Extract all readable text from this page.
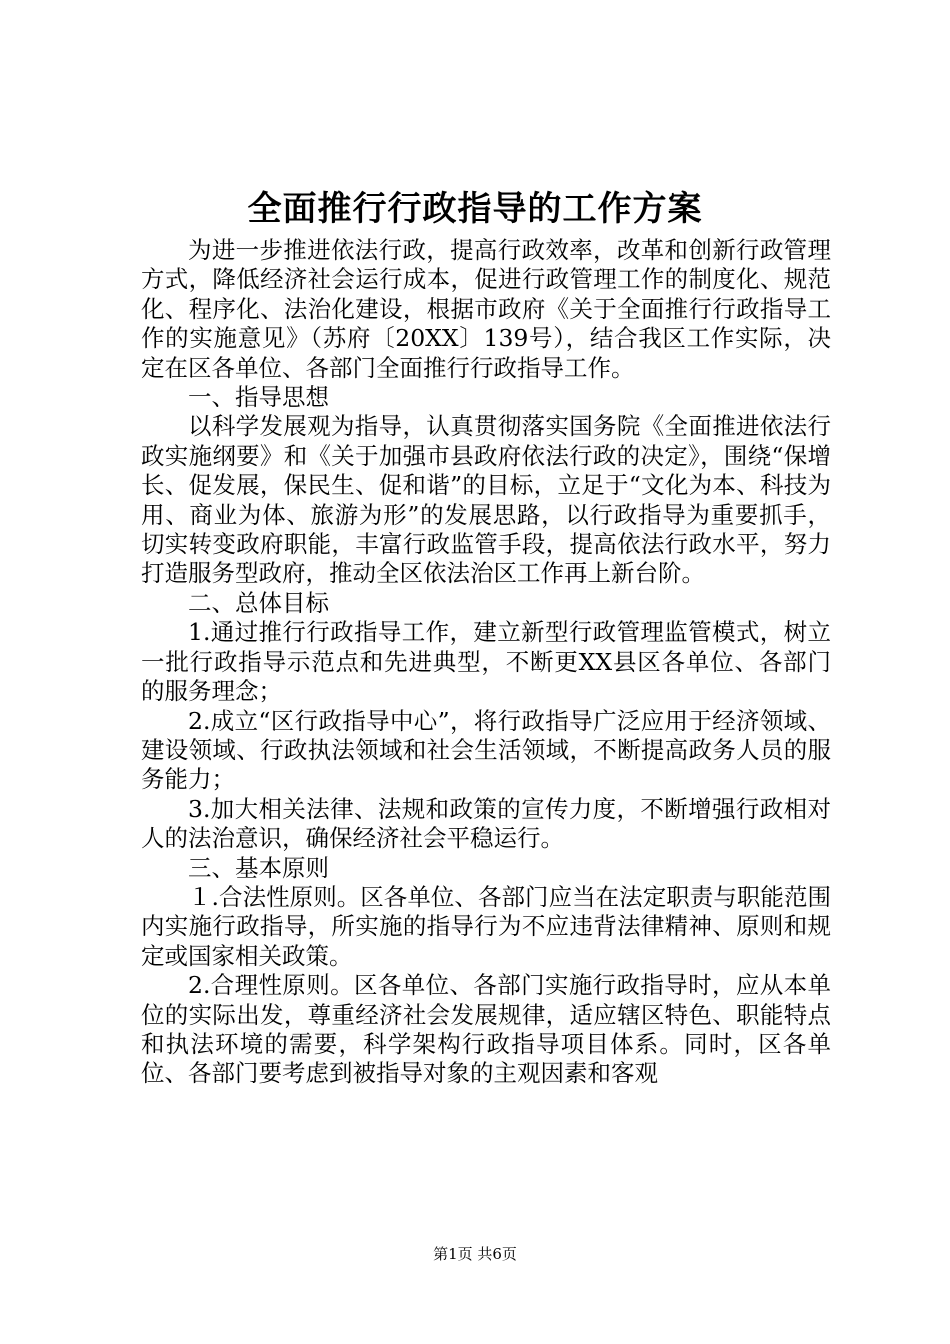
全面推行行政指导的工作方案

为进一步推进依法行政，提高行政效率，改革和创新行政管理方式，降低经济社会运行成本，促进行政管理工作的制度化、规范化、程序化、法治化建设，根据市政府《关于全面推行行政指导工作的实施意见》（苏府〔20XX〕139号），结合我区工作实际，决定在区各单位、各部门全面推行行政指导工作。

一、指导思想

以科学发展观为指导，认真贯彻落实国务院《全面推进依法行政实施纲要》和《关于加强市县政府依法行政的决定》，围绕“保增长、促发展，保民生、促和谐”的目标，立足于“文化为本、科技为用、商业为体、旅游为形”的发展思路，以行政指导为重要抓手，切实转变政府职能，丰富行政监管手段，提高依法行政水平，努力打造服务型政府，推动全区依法治区工作再上新台阶。

二、总体目标

1.通过推行行政指导工作，建立新型行政管理监管模式，树立一批行政指导示范点和先进典型，不断更XX县区各单位、各部门的服务理念；

2.成立“区行政指导中心”，将行政指导广泛应用于经济领域、建设领域、行政执法领域和社会生活领域，不断提高政务人员的服务能力；

3.加大相关法律、法规和政策的宣传力度，不断增强行政相对人的法治意识，确保经济社会平稳运行。

三、基本原则

１.合法性原则。区各单位、各部门应当在法定职责与职能范围内实施行政指导，所实施的指导行为不应违背法律精神、原则和规定或国家相关政策。

2.合理性原则。区各单位、各部门实施行政指导时，应从本单位的实际出发，尊重经济社会发展规律，适应辖区特色、职能特点和执法环境的需要，科学架构行政指导项目体系。同时，区各单位、各部门要考虑到被指导对象的主观因素和客观

第1页 共6页
